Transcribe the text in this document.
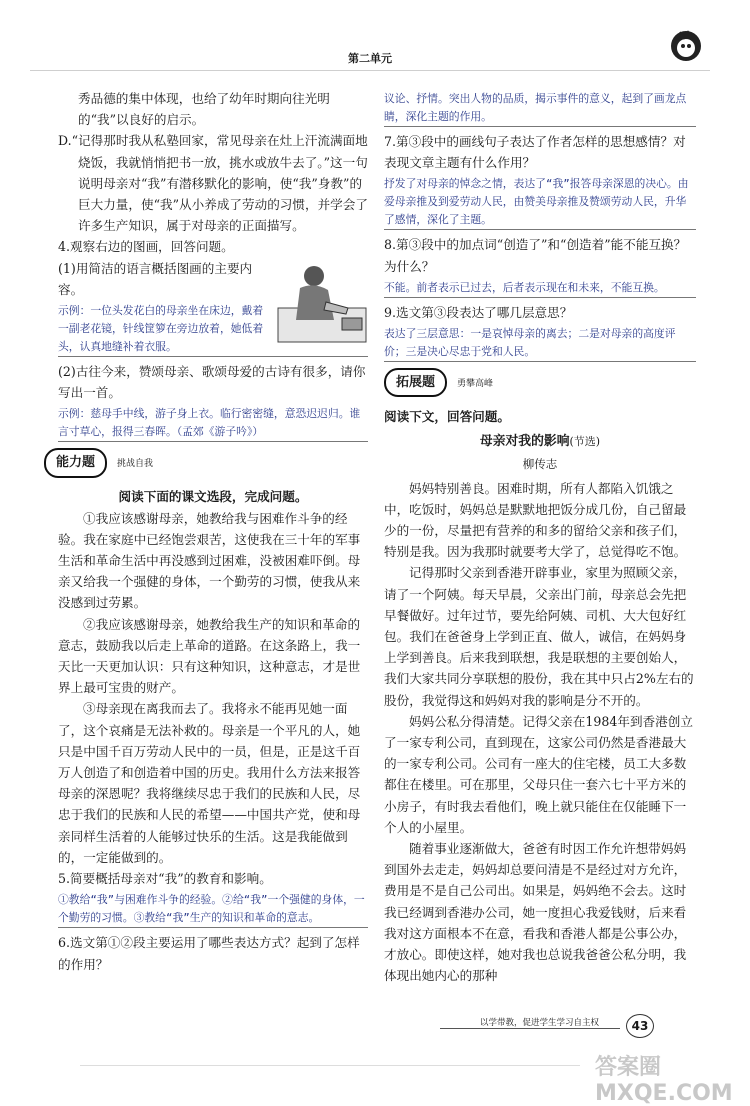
第二单元

秀品德的集中体现，也给了幼年时期向往光明的“我”以良好的启示。

D.“记得那时我从私塾回家，常见母亲在灶上汗流满面地烧饭，我就悄悄把书一放，挑水或放牛去了。”这一句说明母亲对“我”有潜移默化的影响，使“我”身教”的巨大力量，使“我”从小养成了劳动的习惯，并学会了许多生产知识，属于对母亲的正面描写。

4.观察右边的图画，回答问题。

(1)用简洁的语言概括图画的主要内容。

示例：一位头发花白的母亲坐在床边，戴着一副老花镜，针线筐箩在旁边放着，她低着头，认真地缝补着衣服。

(2)古往今来，赞颂母亲、歌颂母爱的古诗有很多，请你写出一首。

示例：慈母手中线，游子身上衣。临行密密缝，意恐迟迟归。谁言寸草心，报得三春晖。（孟郊《游子吟》）
能力题 挑战自我

阅读下面的课文选段，完成问题。

①我应该感谢母亲，她教给我与困难作斗争的经验。我在家庭中已经饱尝艰苦，这使我在三十年的军事生活和革命生活中再没感到过困难，没被困难吓倒。母亲又给我一个强健的身体，一个勤劳的习惯，使我从来没感到过劳累。

②我应该感谢母亲，她教给我生产的知识和革命的意志，鼓励我以后走上革命的道路。在这条路上，我一天比一天更加认识：只有这种知识，这种意志，才是世界上最可宝贵的财产。

③母亲现在离我而去了。我将永不能再见她一面了，这个哀痛是无法补救的。母亲是一个平凡的人，她只是中国千百万劳动人民中的一员，但是，正是这千百万人创造了和创造着中国的历史。我用什么方法来报答母亲的深恩呢？我将继续尽忠于我们的民族和人民，尽忠于我们的民族和人民的希望——中国共产党，使和母亲同样生活着的人能够过快乐的生活。这是我能做到的，一定能做到的。

5.简要概括母亲对“我”的教育和影响。

①教给“我”与困难作斗争的经验。②给“我”一个强健的身体，一个勤劳的习惯。③教给“我”生产的知识和革命的意志。

6.选文第①②段主要运用了哪些表达方式？起到了怎样的作用？

议论、抒情。突出人物的品质，揭示事件的意义，起到了画龙点睛，深化主题的作用。

7.第③段中的画线句子表达了作者怎样的思想感情？对表现文章主题有什么作用？

抒发了对母亲的悼念之情，表达了“我”报答母亲深恩的决心。由爱母亲推及到爱劳动人民，由赞美母亲推及赞颂劳动人民，升华了感情，深化了主题。

8.第③段中的加点词“创造了”和“创造着”能不能互换？为什么？

不能。前者表示已过去，后者表示现在和未来，不能互换。

9.选文第③段表达了哪几层意思？

表达了三层意思：一是哀悼母亲的离去；二是对母亲的高度评价；三是决心尽忠于党和人民。
拓展题 勇攀高峰

阅读下文，回答问题。

母亲对我的影响(节选)

柳传志

妈妈特别善良。困难时期，所有人都陷入饥饿之中，吃饭时，妈妈总是默默地把饭分成几份，自己留最少的一份，尽量把有营养的和多的留给父亲和孩子们，特别是我。因为我那时就要考大学了，总觉得吃不饱。

记得那时父亲到香港开辟事业，家里为照顾父亲，请了一个阿姨。每天早晨，父亲出门前，母亲总会先把早餐做好。过年过节，要先给阿姨、司机、大大包好红包。我们在爸爸身上学到正直、做人，诚信，在妈妈身上学到善良。后来我到联想，我是联想的主要创始人，我们大家共同分享联想的股份，我在其中只占2%左右的股份，我觉得这和妈妈对我的影响是分不开的。

妈妈公私分得清楚。记得父亲在1984年到香港创立了一家专利公司，直到现在，这家公司仍然是香港最大的一家专利公司。公司有一座大的住宅楼，员工大多数都住在楼里。可在那里，父母只住一套六七十平方米的小房子，有时我去看他们，晚上就只能住在仅能睡下一个人的小屋里。

随着事业逐渐做大，爸爸有时因工作允许想带妈妈到国外去走走，妈妈却总要问清是不是经过对方允许，费用是不是自己公司出。如果是，妈妈绝不会去。这时我已经调到香港办公司，她一度担心我爱钱财，后来看我对这方面根本不在意，看我和香港人都是公事公办，才放心。即使这样，她对我也总说我爸爸公私分明，我体现出她内心的那种

以学带教，促进学生学习自主权	43
答案圈 MXQE.COM
